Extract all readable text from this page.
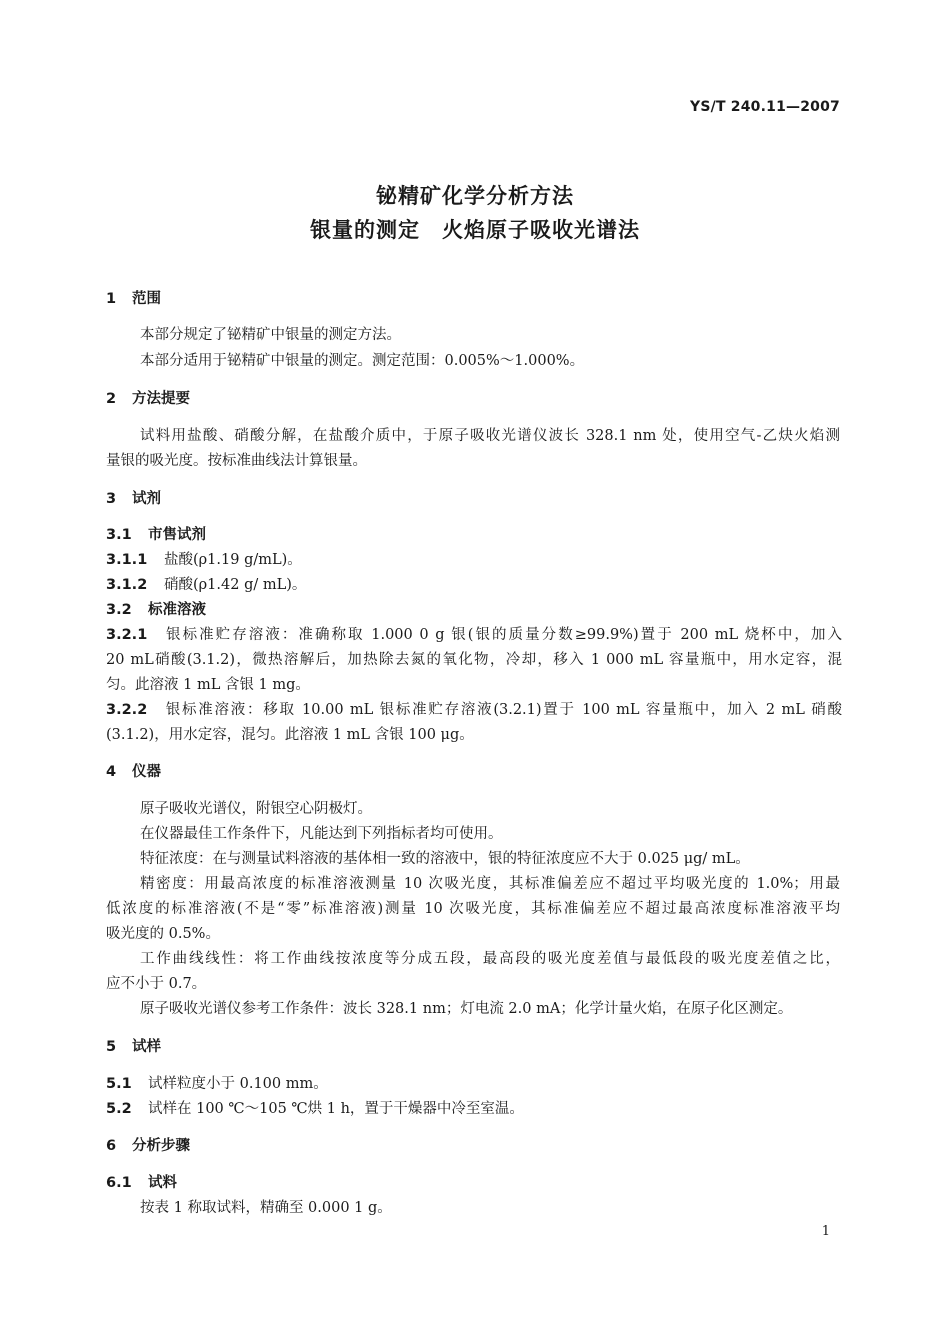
YS/T 240.11—2007
铋精矿化学分析方法
银量的测定　火焰原子吸收光谱法
1 范围
本部分规定了铋精矿中银量的测定方法。
本部分适用于铋精矿中银量的测定。测定范围：0.005%～1.000%。
2 方法提要
试料用盐酸、硝酸分解，在盐酸介质中，于原子吸收光谱仪波长 328.1 nm 处，使用空气-乙炔火焰测
量银的吸光度。按标准曲线法计算银量。
3 试剂
3.1 市售试剂
3.1.1 盐酸(ρ1.19 g/mL)。
3.1.2 硝酸(ρ1.42 g/ mL)。
3.2 标准溶液
3.2.1 银标准贮存溶液：准确称取 1.000 0 g 银(银的质量分数≥99.9%)置于 200 mL 烧杯中，加入
20 mL硝酸(3.1.2)，微热溶解后，加热除去氮的氧化物，冷却，移入 1 000 mL 容量瓶中，用水定容，混
匀。此溶液 1 mL 含银 1 mg。
3.2.2 银标准溶液：移取 10.00 mL 银标准贮存溶液(3.2.1)置于 100 mL 容量瓶中，加入 2 mL 硝酸
(3.1.2)，用水定容，混匀。此溶液 1 mL 含银 100 μg。
4 仪器
原子吸收光谱仪，附银空心阴极灯。
在仪器最佳工作条件下，凡能达到下列指标者均可使用。
特征浓度：在与测量试料溶液的基体相一致的溶液中，银的特征浓度应不大于 0.025 μg/ mL。
精密度：用最高浓度的标准溶液测量 10 次吸光度，其标准偏差应不超过平均吸光度的 1.0%；用最
低浓度的标准溶液(不是“零”标准溶液)测量 10 次吸光度，其标准偏差应不超过最高浓度标准溶液平均
吸光度的 0.5%。
工作曲线线性：将工作曲线按浓度等分成五段，最高段的吸光度差值与最低段的吸光度差值之比，
应不小于 0.7。
原子吸收光谱仪参考工作条件：波长 328.1 nm；灯电流 2.0 mA；化学计量火焰，在原子化区测定。
5 试样
5.1 试样粒度小于 0.100 mm。
5.2 试样在 100 ℃～105 ℃烘 1 h，置于干燥器中冷至室温。
6 分析步骤
6.1 试料
按表 1 称取试料，精确至 0.000 1 g。
1
